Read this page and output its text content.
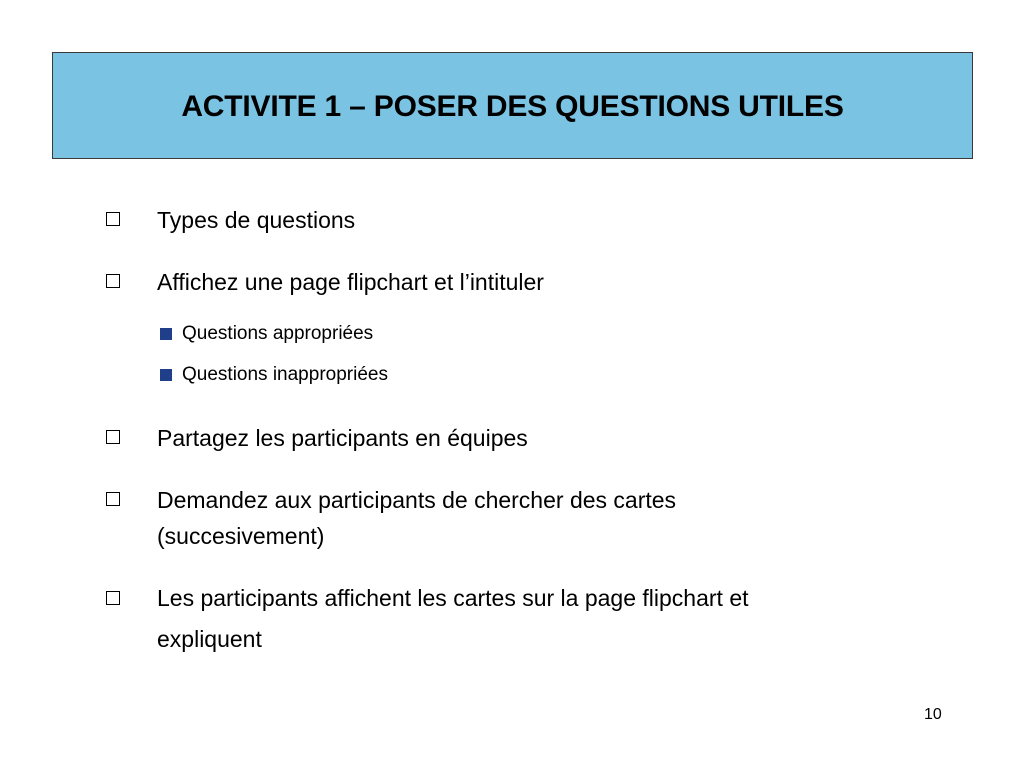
ACTIVITE 1 – POSER DES QUESTIONS UTILES
Types de questions
Affichez une page flipchart et l’intituler
Questions appropriées
Questions inappropriées
Partagez les participants en équipes
Demandez aux participants de chercher des cartes (succesivement)
Les participants affichent les cartes sur la page flipchart et expliquent
10
